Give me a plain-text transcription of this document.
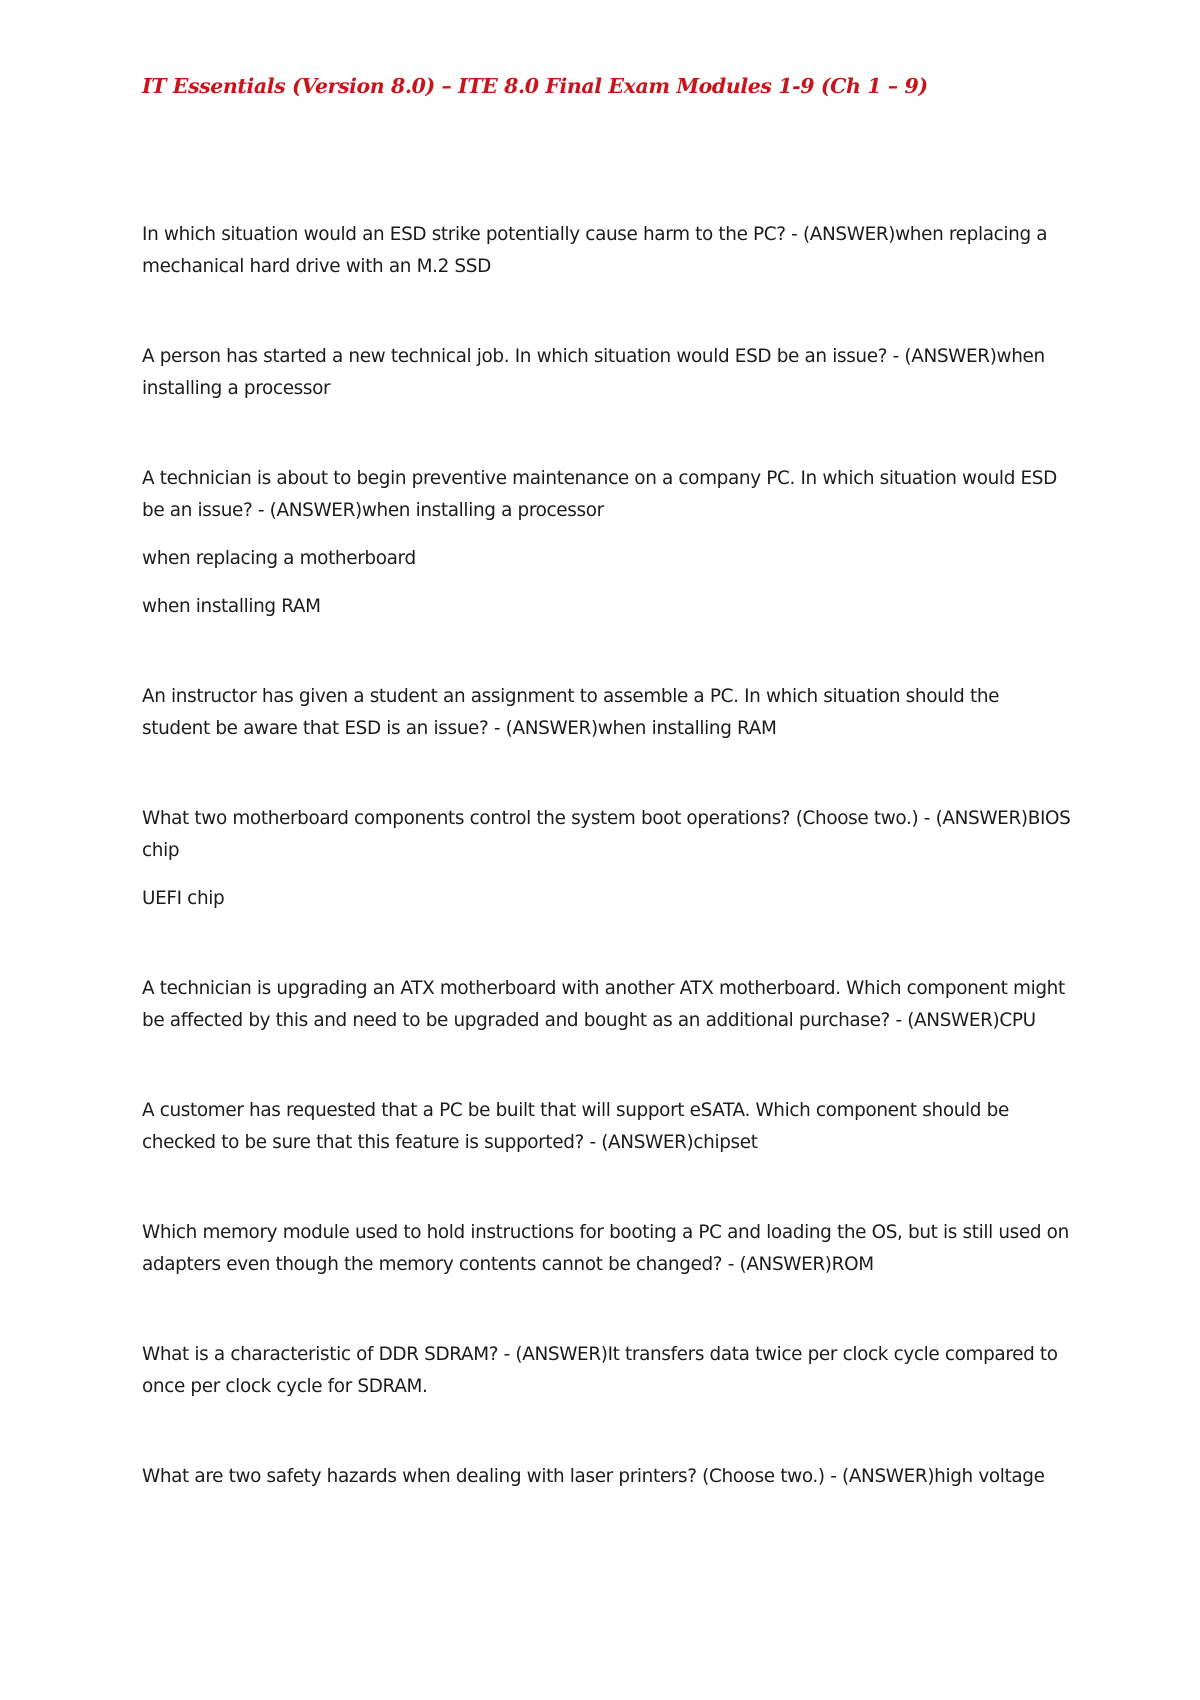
IT Essentials (Version 8.0) – ITE 8.0 Final Exam Modules 1-9 (Ch 1 – 9)

In which situation would an ESD strike potentially cause harm to the PC? - (ANSWER)when replacing a mechanical hard drive with an M.2 SSD

A person has started a new technical job. In which situation would ESD be an issue? - (ANSWER)when installing a processor

A technician is about to begin preventive maintenance on a company PC. In which situation would ESD be an issue? - (ANSWER)when installing a processor

when replacing a motherboard

when installing RAM

An instructor has given a student an assignment to assemble a PC. In which situation should the student be aware that ESD is an issue? - (ANSWER)when installing RAM

What two motherboard components control the system boot operations? (Choose two.) - (ANSWER)BIOS chip

UEFI chip

A technician is upgrading an ATX motherboard with another ATX motherboard. Which component might be affected by this and need to be upgraded and bought as an additional purchase? - (ANSWER)CPU

A customer has requested that a PC be built that will support eSATA. Which component should be checked to be sure that this feature is supported? - (ANSWER)chipset

Which memory module used to hold instructions for booting a PC and loading the OS, but is still used on adapters even though the memory contents cannot be changed? - (ANSWER)ROM

What is a characteristic of DDR SDRAM? - (ANSWER)It transfers data twice per clock cycle compared to once per clock cycle for SDRAM.

What are two safety hazards when dealing with laser printers? (Choose two.) - (ANSWER)high voltage
